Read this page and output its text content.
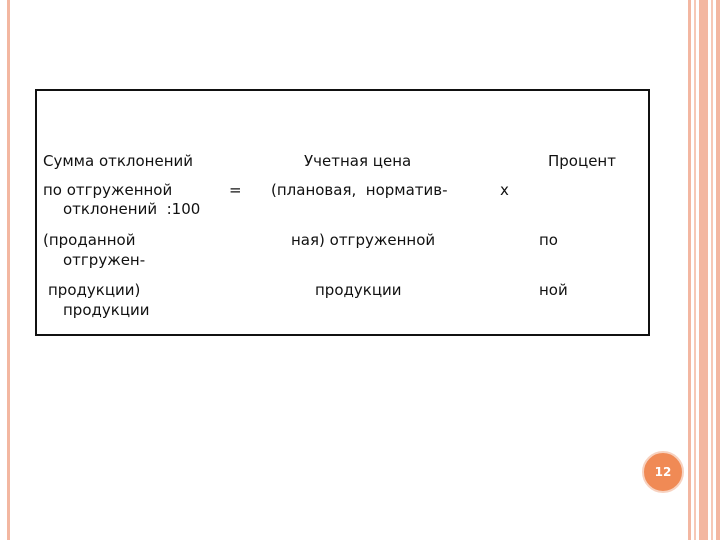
Сумма отклонений	Учетная цена	Процент
по отгруженной	= (плановая,  норматив-	х
отклонений  :100
(проданной	ная) отгруженной	по
отгружен-
продукции)	продукции	ной
продукции
12
